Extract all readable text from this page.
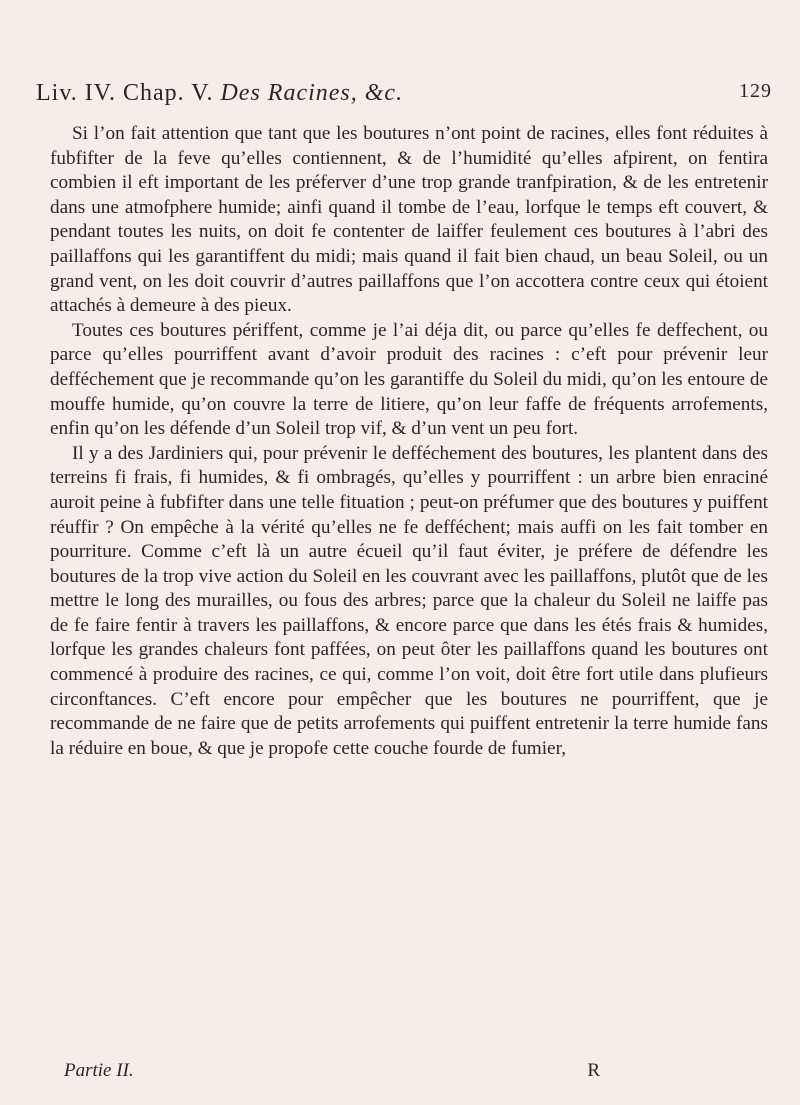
Liv. IV. Chap. V. Des Racines, &c.	129

Si l’on fait attention que tant que les boutures n’ont point de racines, elles font réduites à fubfifter de la feve qu’elles contiennent, & de l’humidité qu’elles afpirent, on fentira combien il eft important de les préferver d’une trop grande tranfpiration, & de les entretenir dans une atmofphere humide; ainfi quand il tombe de l’eau, lorfque le temps eft couvert, & pendant toutes les nuits, on doit fe contenter de laiffer feulement ces boutures à l’abri des paillaffons qui les garantiffent du midi; mais quand il fait bien chaud, un beau Soleil, ou un grand vent, on les doit couvrir d’autres paillaffons que l’on accottera contre ceux qui étoient attachés à demeure à des pieux.

Toutes ces boutures périffent, comme je l’ai déja dit, ou parce qu’elles fe deffechent, ou parce qu’elles pourriffent avant d’avoir produit des racines : c’eft pour prévenir leur defféchement que je recommande qu’on les garantiffe du Soleil du midi, qu’on les entoure de mouffe humide, qu’on couvre la terre de litiere, qu’on leur faffe de fréquents arrofements, enfin qu’on les défende d’un Soleil trop vif, & d’un vent un peu fort.

Il y a des Jardiniers qui, pour prévenir le defféchement des boutures, les plantent dans des terreins fi frais, fi humides, & fi ombragés, qu’elles y pourriffent : un arbre bien enraciné auroit peine à fubfifter dans une telle fituation ; peut-on préfumer que des boutures y puiffent réuffir ? On empêche à la vérité qu’elles ne fe defféchent; mais auffi on les fait tomber en pourriture. Comme c’eft là un autre écueil qu’il faut éviter, je préfere de défendre les boutures de la trop vive action du Soleil en les couvrant avec les paillaffons, plutôt que de les mettre le long des murailles, ou fous des arbres; parce que la chaleur du Soleil ne laiffe pas de fe faire fentir à travers les paillaffons, & encore parce que dans les étés frais & humides, lorfque les grandes chaleurs font paffées, on peut ôter les paillaffons quand les boutures ont commencé à produire des racines, ce qui, comme l’on voit, doit être fort utile dans plufieurs circonftances. C’eft encore pour empêcher que les boutures ne pourriffent, que je recommande de ne faire que de petits arrofements qui puiffent entretenir la terre humide fans la réduire en boue, & que je propofe cette couche fourde de fumier,

Partie II.	R
